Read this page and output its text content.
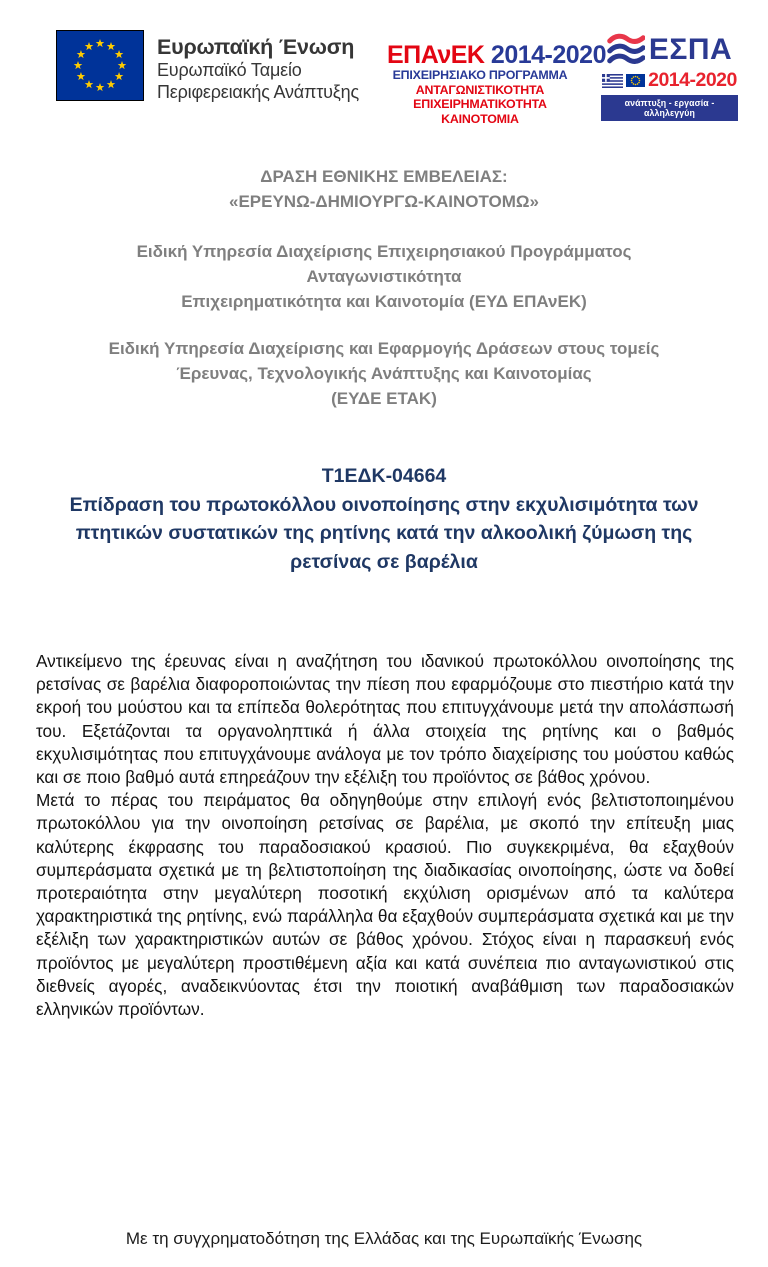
Ευρωπαϊκή Ένωση
Ευρωπαϊκό Ταμείο
Περιφερειακής Ανάπτυξης
ΕΠΑνΕΚ 2014-2020
ΕΠΙΧΕΙΡΗΣΙΑΚΟ ΠΡΟΓΡΑΜΜΑ
ΑΝΤΑΓΩΝΙΣΤΙΚΟΤΗΤΑ
ΕΠΙΧΕΙΡΗΜΑΤΙΚΟΤΗΤΑ
ΚΑΙΝΟΤΟΜΙΑ
ΕΣΠΑ
2014-2020
ανάπτυξη - εργασία - αλληλεγγύη
ΔΡΑΣΗ ΕΘΝΙΚΗΣ ΕΜΒΕΛΕΙΑΣ:
«ΕΡΕΥΝΩ-ΔΗΜΙΟΥΡΓΩ-ΚΑΙΝΟΤΟΜΩ»
Ειδική Υπηρεσία Διαχείρισης Επιχειρησιακού Προγράμματος
Ανταγωνιστικότητα
Επιχειρηματικότητα και Καινοτομία (ΕΥΔ ΕΠΑνΕΚ)
Ειδική Υπηρεσία Διαχείρισης και Εφαρμογής Δράσεων στους τομείς
Έρευνας, Τεχνολογικής Ανάπτυξης και Καινοτομίας
(ΕΥΔΕ ΕΤΑΚ)
Τ1ΕΔΚ-04664
Επίδραση του πρωτοκόλλου οινοποίησης στην εκχυλισιμότητα των πτητικών συστατικών της ρητίνης κατά την αλκοολική ζύμωση της ρετσίνας σε βαρέλια

Αντικείμενο της έρευνας είναι η αναζήτηση του ιδανικού πρωτοκόλλου οινοποίησης της ρετσίνας σε βαρέλια διαφοροποιώντας την πίεση που εφαρμόζουμε στο πιεστήριο κατά την εκροή του μούστου και τα επίπεδα θολερότητας που επιτυγχάνουμε μετά την απολάσπωσή του. Εξετάζονται τα οργανοληπτικά ή άλλα στοιχεία της ρητίνης και ο βαθμός εκχυλισιμότητας που επιτυγχάνουμε ανάλογα με τον τρόπο διαχείρισης του μούστου καθώς και σε ποιο βαθμό αυτά επηρεάζουν την εξέλιξη του προϊόντος σε βάθος χρόνου.

Μετά το πέρας του πειράματος θα οδηγηθούμε στην επιλογή ενός βελτιστοποιημένου πρωτοκόλλου για την οινοποίηση ρετσίνας σε βαρέλια, με σκοπό την επίτευξη μιας καλύτερης έκφρασης του παραδοσιακού κρασιού. Πιο συγκεκριμένα, θα εξαχθούν συμπεράσματα σχετικά με τη βελτιστοποίηση της διαδικασίας οινοποίησης, ώστε να δοθεί προτεραιότητα στην μεγαλύτερη ποσοτική εκχύλιση ορισμένων από τα καλύτερα χαρακτηριστικά της ρητίνης, ενώ παράλληλα θα εξαχθούν συμπεράσματα σχετικά και με την εξέλιξη των χαρακτηριστικών αυτών σε βάθος χρόνου. Στόχος είναι η παρασκευή ενός προϊόντος με μεγαλύτερη προστιθέμενη αξία και κατά συνέπεια πιο ανταγωνιστικού στις διεθνείς αγορές, αναδεικνύοντας έτσι την ποιοτική αναβάθμιση των παραδοσιακών ελληνικών προϊόντων.

Με τη συγχρηματοδότηση της Ελλάδας και της Ευρωπαϊκής Ένωσης
